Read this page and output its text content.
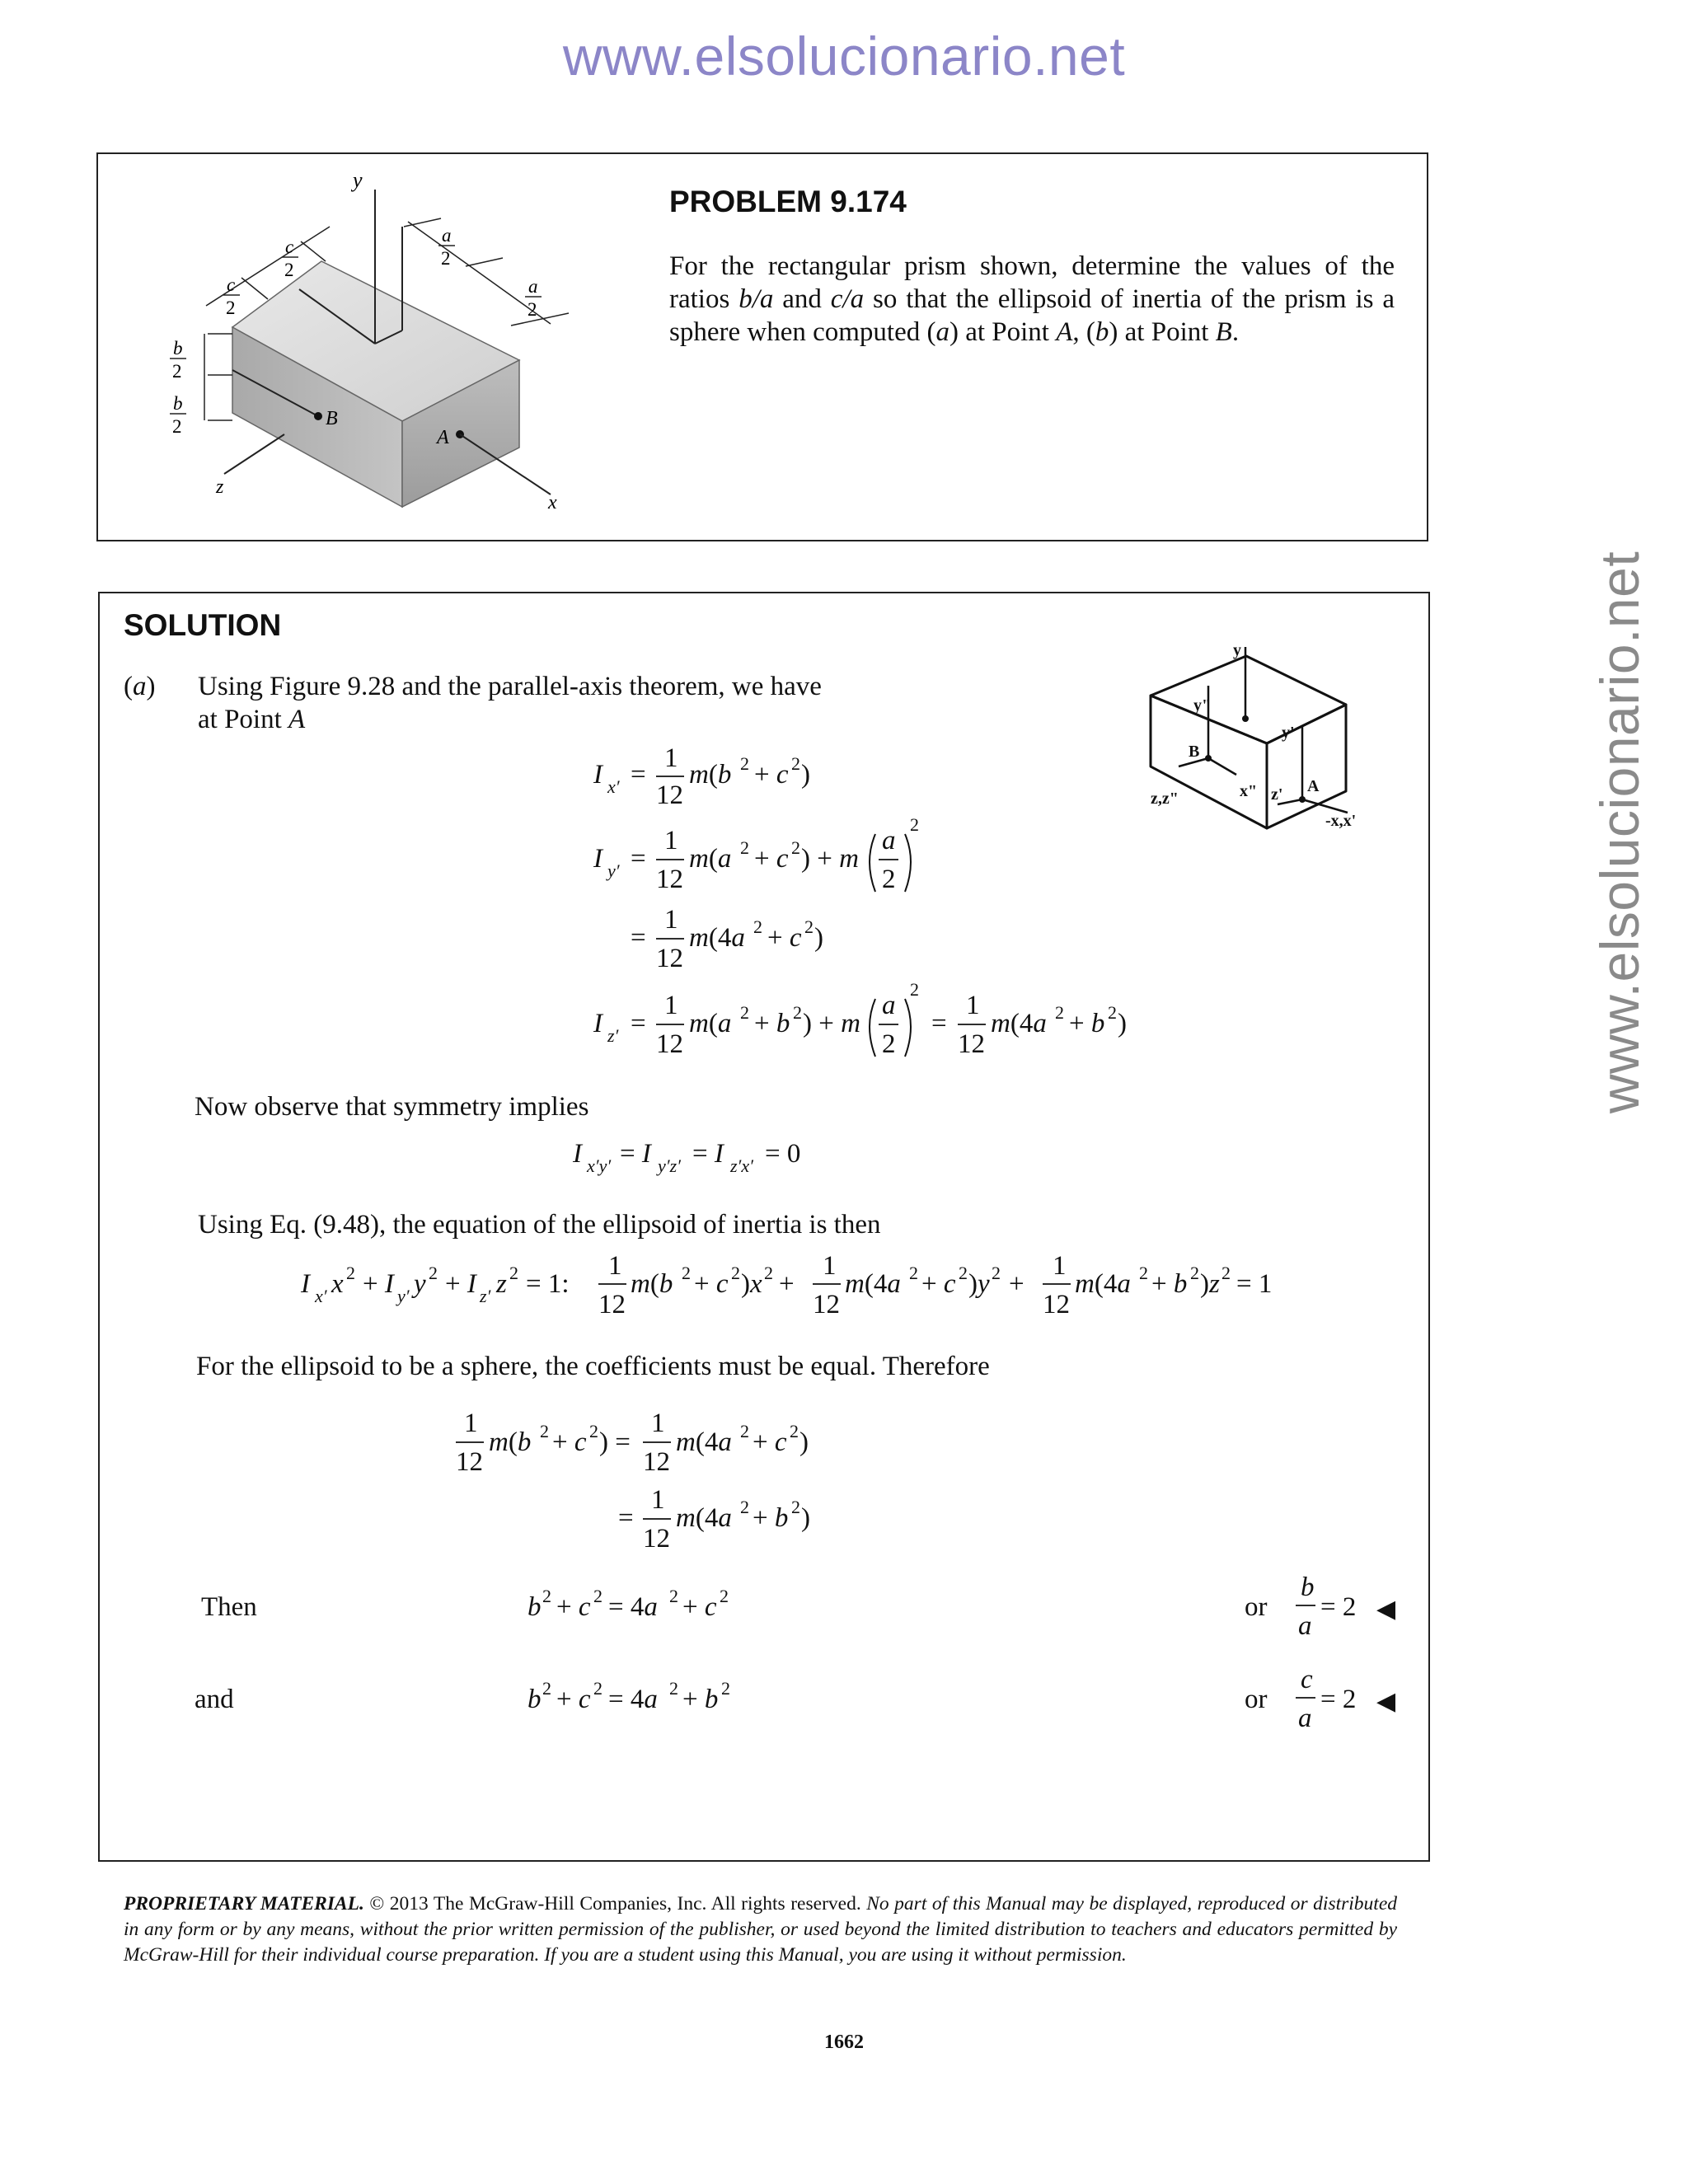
www.elsolucionario.net
www.elsolucionario.net
y
z
x
B
A
a
2
a
2
c
2
c
2
b
2
b
2
PROBLEM 9.174
For the rectangular prism shown, determine the values of the ratios b/a and c/a so that the ellipsoid of inertia of the prism is a sphere when computed (a) at Point A, (b) at Point B.
SOLUTION
(a) Using Figure 9.28 and the parallel-axis theorem, we have
at Point A
y
y"
y'
B
z,z"	x" z' A
-x,x'
I x′ =
1
12
m(b 2 + c 2 )
I y′ =
1
12
m(a 2 + c 2 ) + m
a
2
2
=
1
12
m(4a 2 + c 2 )
I z′ =
1
12
m(a 2 + b 2 ) + m
a
2
2
=
1
12
m(4a 2 + b 2 )
I x′y′ = I y′z′ = I z′x′ = 0
I x′ x 2 + I y′ y 2 + I z′ z 2 = 1:
1
12
m(b 2 + c 2 )x 2 +
1
12
m(4a 2 + c 2 )y 2 +
1
12
m(4a 2 + b 2 )z 2 = 1
1
12
m(b 2 + c 2 ) =
1
12
m(4a 2 + c 2 )
=
1
12
m(4a 2 + b 2 )
b 2 + c 2 = 4a 2 + c 2	b
a
= 2
b 2 + c 2 = 4a 2 + b 2	c
a
= 2
Now observe that symmetry implies
Using Eq. (9.48), the equation of the ellipsoid of inertia is then
For the ellipsoid to be a sphere, the coefficients must be equal. Therefore
Then	or	◀
and	or	◀
PROPRIETARY MATERIAL. © 2013 The McGraw-Hill Companies, Inc. All rights reserved. No part of this Manual may be displayed, reproduced or distributed in any form or by any means, without the prior written permission of the publisher, or used beyond the limited distribution to teachers and educators permitted by McGraw-Hill for their individual course preparation. If you are a student using this Manual, you are using it without permission.
1662
